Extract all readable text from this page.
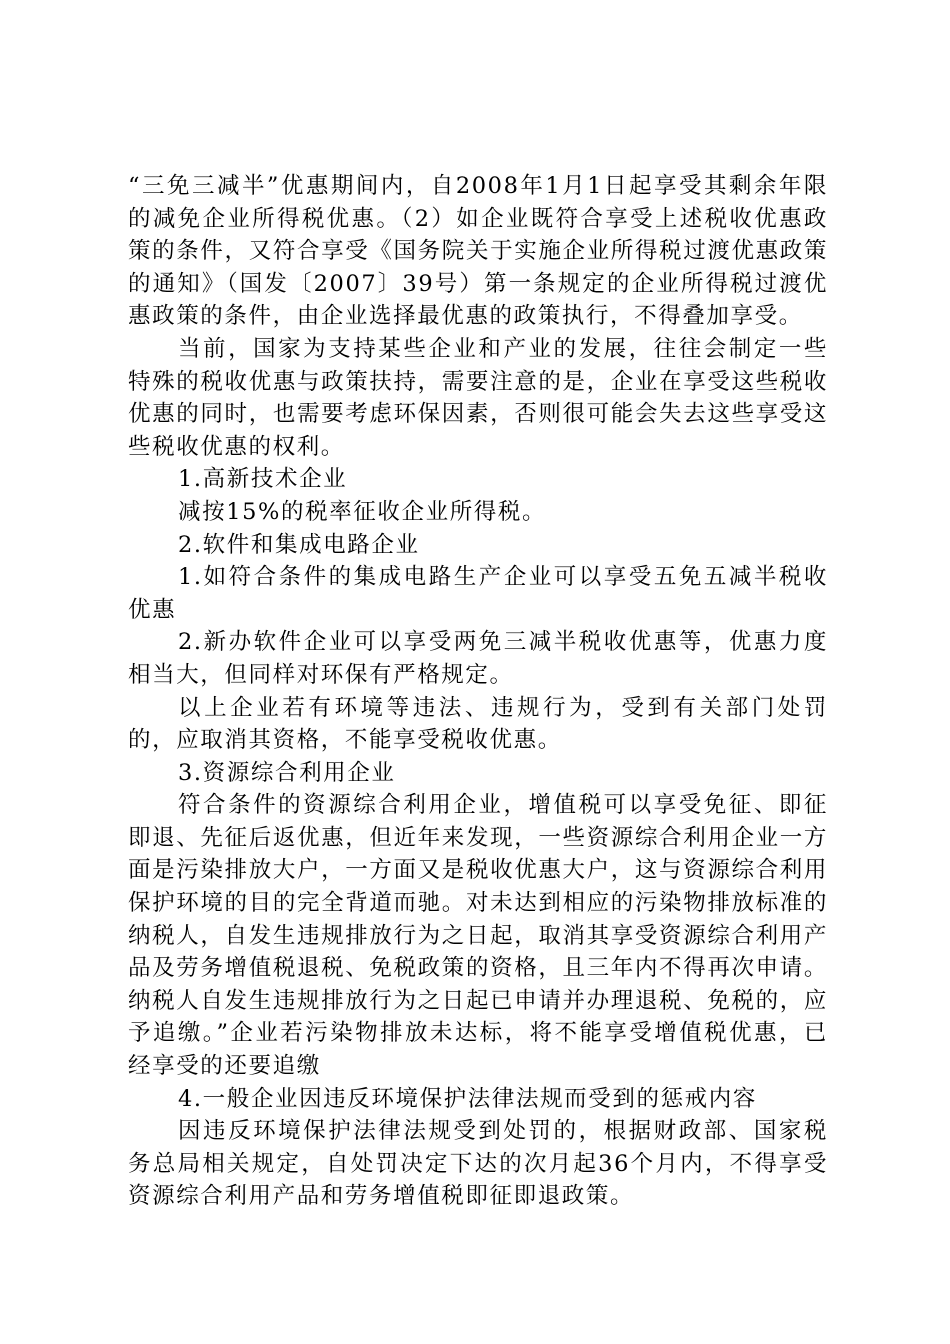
“三免三减半”优惠期间内，自2008年1月1日起享受其剩余年限的减免企业所得税优惠。（2）如企业既符合享受上述税收优惠政策的条件，又符合享受《国务院关于实施企业所得税过渡优惠政策的通知》（国发〔2007〕39号）第一条规定的企业所得税过渡优惠政策的条件，由企业选择最优惠的政策执行，不得叠加享受。

当前，国家为支持某些企业和产业的发展，往往会制定一些特殊的税收优惠与政策扶持，需要注意的是，企业在享受这些税收优惠的同时，也需要考虑环保因素，否则很可能会失去这些享受这些税收优惠的权利。

1.高新技术企业

减按15%的税率征收企业所得税。

2.软件和集成电路企业

1.如符合条件的集成电路生产企业可以享受五免五减半税收优惠

2.新办软件企业可以享受两免三减半税收优惠等，优惠力度相当大，但同样对环保有严格规定。

以上企业若有环境等违法、违规行为，受到有关部门处罚的，应取消其资格，不能享受税收优惠。

3.资源综合利用企业

符合条件的资源综合利用企业，增值税可以享受免征、即征即退、先征后返优惠，但近年来发现，一些资源综合利用企业一方面是污染排放大户，一方面又是税收优惠大户，这与资源综合利用保护环境的目的完全背道而驰。对未达到相应的污染物排放标准的纳税人，自发生违规排放行为之日起，取消其享受资源综合利用产品及劳务增值税退税、免税政策的资格，且三年内不得再次申请。纳税人自发生违规排放行为之日起已申请并办理退税、免税的，应予追缴。”企业若污染物排放未达标，将不能享受增值税优惠，已经享受的还要追缴

4.一般企业因违反环境保护法律法规而受到的惩戒内容

因违反环境保护法律法规受到处罚的，根据财政部、国家税务总局相关规定，自处罚决定下达的次月起36个月内，不得享受资源综合利用产品和劳务增值税即征即退政策。
